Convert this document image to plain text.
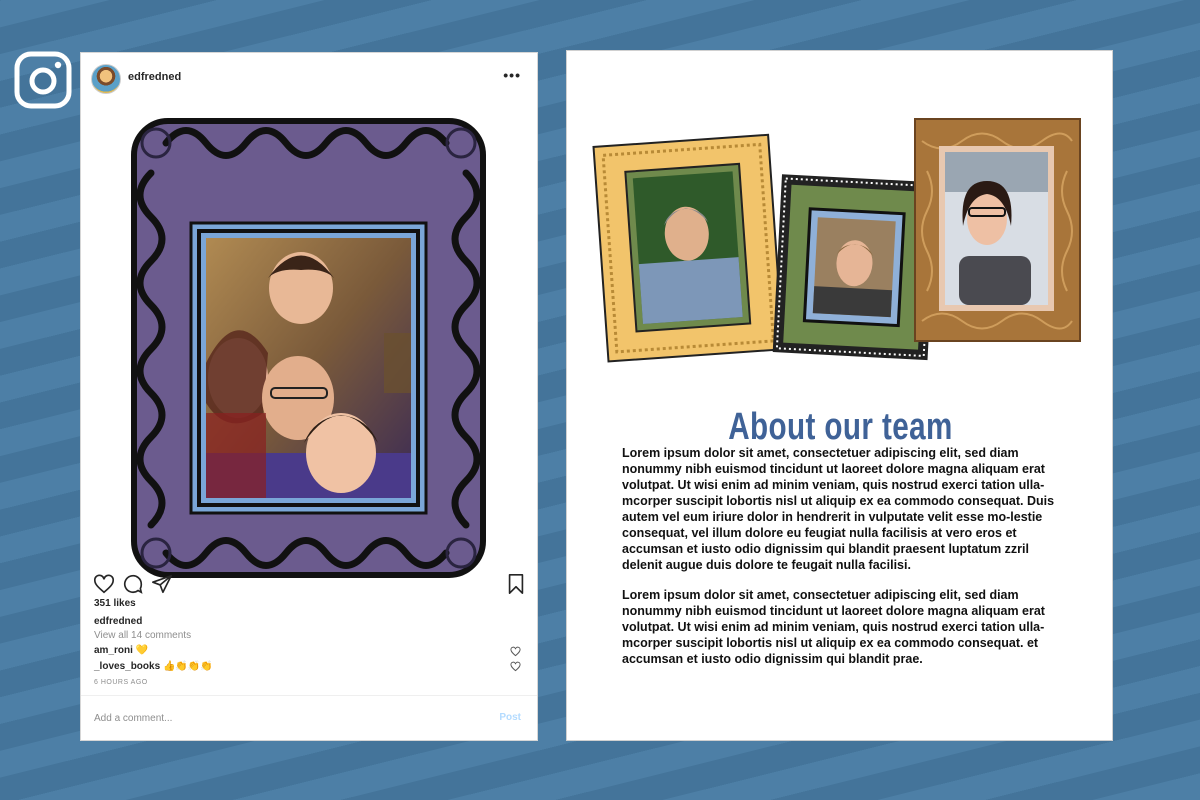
edfredned	•••
351 likes
edfredned
View all 14 comments
am_roni 💛
_loves_books 👍👏👏👏
6 HOURS AGO
Add a comment...
Post
About our team

Lorem ipsum dolor sit amet, consectetuer adipiscing elit, sed diam nonummy nibh euismod tincidunt ut laoreet dolore magna aliquam erat volutpat. Ut wisi enim ad minim veniam, quis nostrud exerci tation ulla-mcorper suscipit lobortis nisl ut aliquip ex ea commodo consequat. Duis autem vel eum iriure dolor in hendrerit in vulputate velit esse mo-lestie consequat, vel illum dolore eu feugiat nulla facilisis at vero eros et accumsan et iusto odio dignissim qui blandit praesent luptatum zzril delenit augue duis dolore te feugait nulla facilisi.

Lorem ipsum dolor sit amet, consectetuer adipiscing elit, sed diam nonummy nibh euismod tincidunt ut laoreet dolore magna aliquam erat volutpat. Ut wisi enim ad minim veniam, quis nostrud exerci tation ulla-mcorper suscipit lobortis nisl ut aliquip ex ea commodo consequat. et accumsan et iusto odio dignissim qui blandit prae.
